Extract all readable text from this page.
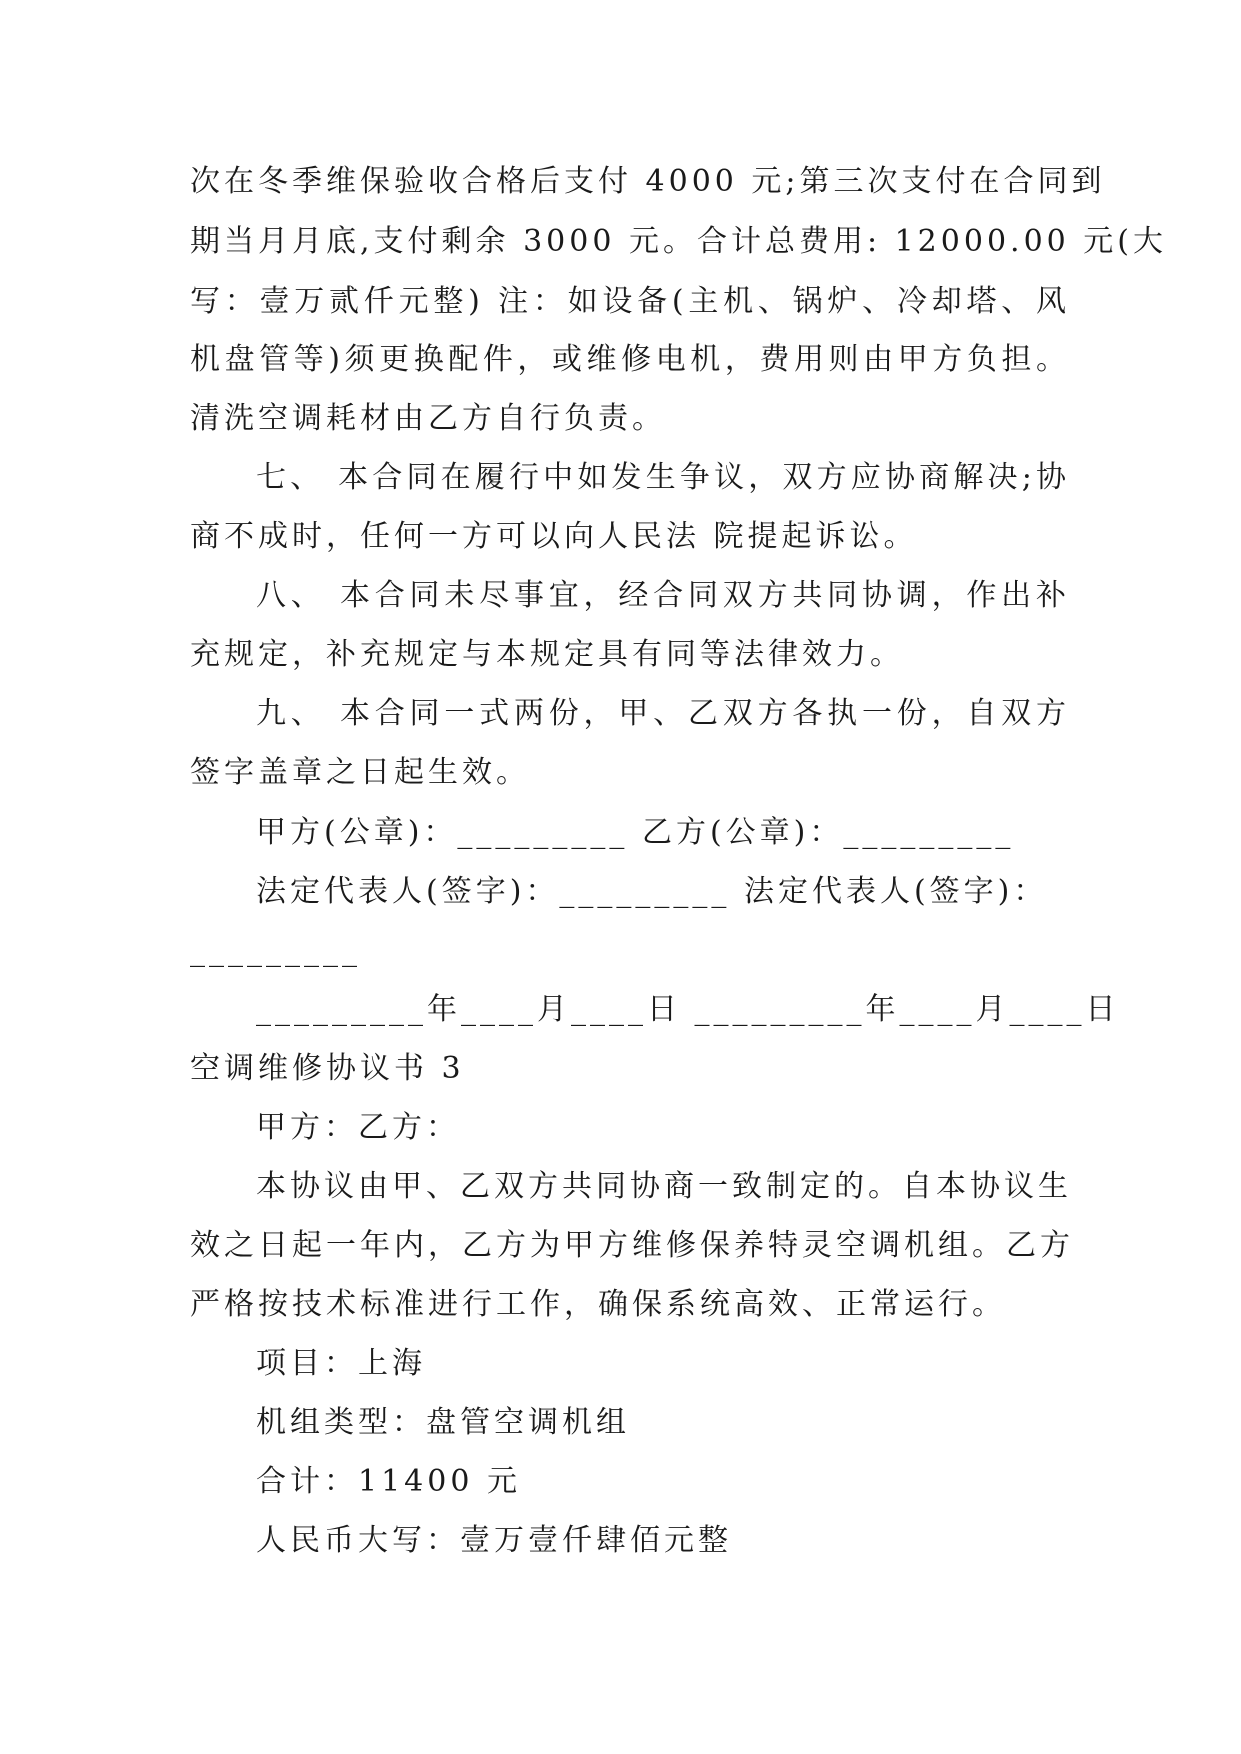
次在冬季维保验收合格后支付 4000 元;第三次支付在合同到

期当月月底,支付剩余 3000 元。合计总费用: 12000.00 元(大

写：壹万贰仟元整) 注：如设备(主机、锅炉、冷却塔、风

机盘管等)须更换配件，或维修电机，费用则由甲方负担。

清洗空调耗材由乙方自行负责。

七、 本合同在履行中如发生争议，双方应协商解决;协

商不成时，任何一方可以向人民法 院提起诉讼。

八、 本合同未尽事宜，经合同双方共同协调，作出补

充规定，补充规定与本规定具有同等法律效力。

九、 本合同一式两份，甲、乙双方各执一份，自双方

签字盖章之日起生效。

甲方(公章)：_________ 乙方(公章)：_________

法定代表人(签字)：_________ 法定代表人(签字)：

_________

_________年____月____日 _________年____月____日

空调维修协议书 3

甲方：乙方：

本协议由甲、乙双方共同协商一致制定的。自本协议生

效之日起一年内，乙方为甲方维修保养特灵空调机组。乙方

严格按技术标准进行工作，确保系统高效、正常运行。

项目：上海

机组类型：盘管空调机组

合计：11400 元

人民币大写：壹万壹仟肆佰元整
